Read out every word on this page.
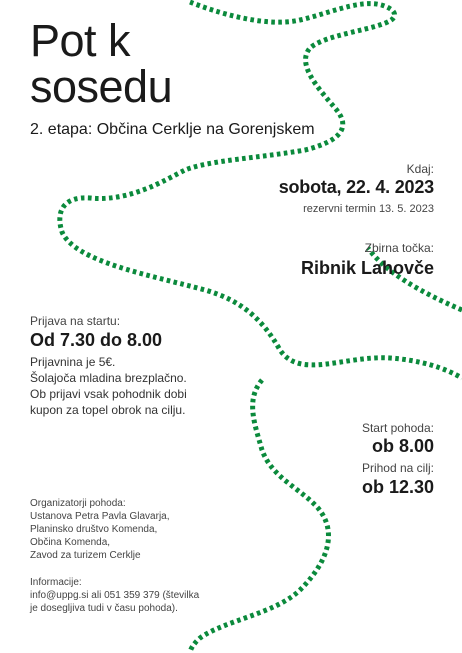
Pot k
sosedu
2. etapa: Občina Cerklje na Gorenjskem
Kdaj:
sobota, 22. 4. 2023
rezervni termin 13. 5. 2023
Zbirna točka:
Ribnik Lahovče
Prijava na startu:
Od 7.30 do 8.00
Prijavnina je 5€.
Šolajoča mladina brezplačno.
Ob prijavi vsak pohodnik dobi
kupon za topel obrok na cilju.
Start pohoda:
ob 8.00
Prihod na cilj:
ob 12.30
Organizatorji pohoda:
Ustanova Petra Pavla Glavarja,
Planinsko društvo Komenda,
Občina Komenda,
Zavod za turizem Cerklje
Informacije:
info@uppg.si ali 051 359 379 (številka
je dosegljiva tudi v času pohoda).
